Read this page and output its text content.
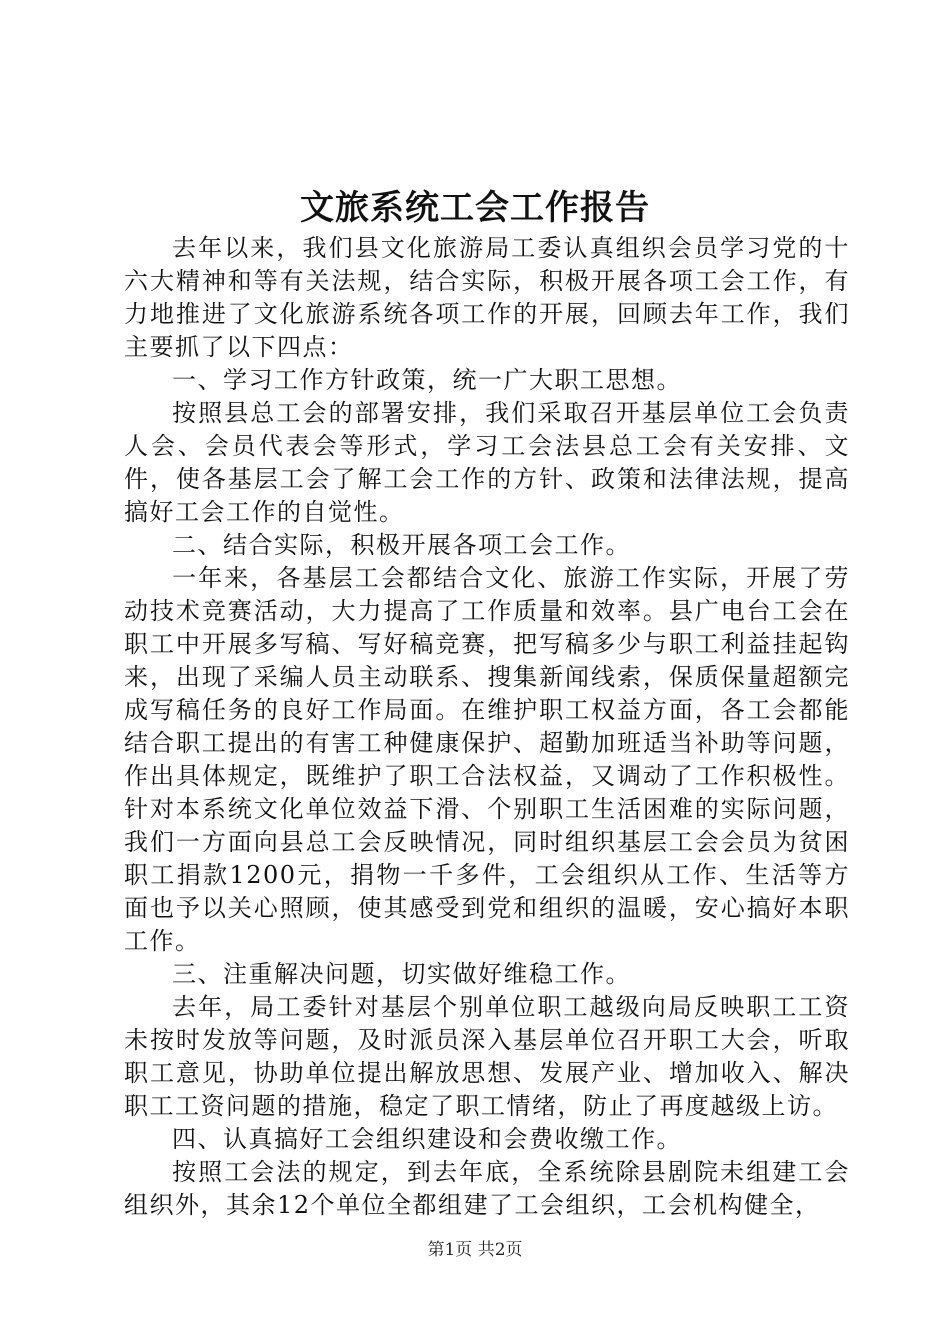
文旅系统工会工作报告

去年以来，我们县文化旅游局工委认真组织会员学习党的十六大精神和等有关法规，结合实际，积极开展各项工会工作，有力地推进了文化旅游系统各项工作的开展，回顾去年工作，我们主要抓了以下四点：

一、学习工作方针政策，统一广大职工思想。

按照县总工会的部署安排，我们采取召开基层单位工会负责人会、会员代表会等形式，学习工会法县总工会有关安排、文件，使各基层工会了解工会工作的方针、政策和法律法规，提高搞好工会工作的自觉性。

二、结合实际，积极开展各项工会工作。

一年来，各基层工会都结合文化、旅游工作实际，开展了劳动技术竞赛活动，大力提高了工作质量和效率。县广电台工会在职工中开展多写稿、写好稿竞赛，把写稿多少与职工利益挂起钩来，出现了采编人员主动联系、搜集新闻线索，保质保量超额完成写稿任务的良好工作局面。在维护职工权益方面，各工会都能结合职工提出的有害工种健康保护、超勤加班适当补助等问题，作出具体规定，既维护了职工合法权益，又调动了工作积极性。针对本系统文化单位效益下滑、个别职工生活困难的实际问题，我们一方面向县总工会反映情况，同时组织基层工会会员为贫困职工捐款1200元，捐物一千多件，工会组织从工作、生活等方面也予以关心照顾，使其感受到党和组织的温暖，安心搞好本职工作。

三、注重解决问题，切实做好维稳工作。

去年，局工委针对基层个别单位职工越级向局反映职工工资未按时发放等问题，及时派员深入基层单位召开职工大会，听取职工意见，协助单位提出解放思想、发展产业、增加收入、解决职工工资问题的措施，稳定了职工情绪，防止了再度越级上访。

四、认真搞好工会组织建设和会费收缴工作。

按照工会法的规定，到去年底，全系统除县剧院未组建工会组织外，其余12个单位全都组建了工会组织，工会机构健全，

第1页 共2页
